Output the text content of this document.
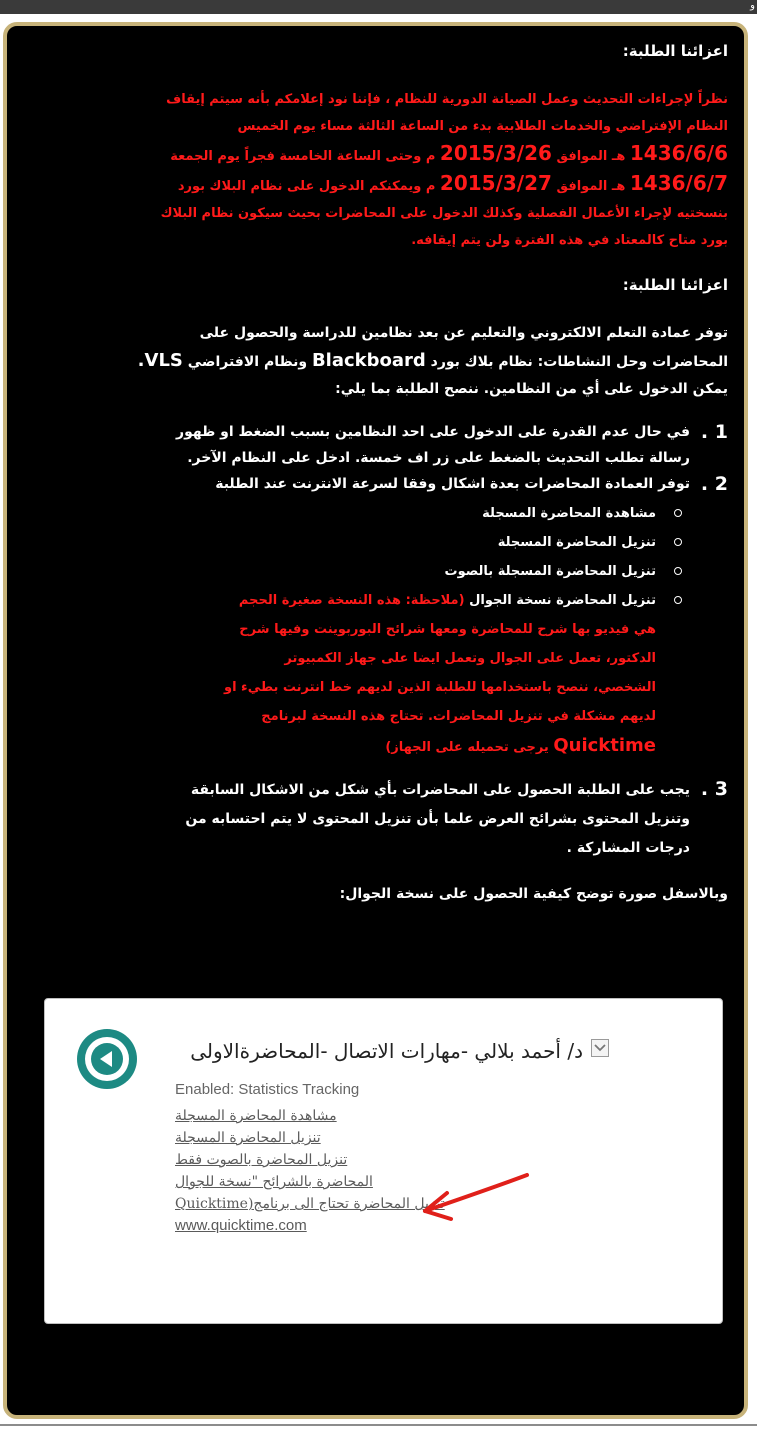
ﻭ
اعزائنا الطلبة:
نظراً لإجراءات التحديث وعمل الصيانة الدورية للنظام ، فإننا نود إعلامكم بأنه سيتم إيقاف
النظام الإفتراضي والخدمات الطلابية بدء من الساعة الثالثة مساء يوم الخميس
1436/6/6 هـ الموافق 2015/3/26 م وحتى الساعة الخامسة فجراً يوم الجمعة
1436/6/7 هـ الموافق 2015/3/27 م ويمكنكم الدخول على نظام البلاك بورد
بنسختيه لإجراء الأعمال الفصلية وكذلك الدخول على المحاضرات بحيث سيكون نظام البلاك
بورد متاح كالمعتاد في هذه الفترة ولن يتم إيقافه.
اعزائنا الطلبة:
توفر عمادة التعلم الالكتروني والتعليم عن بعد نظامين للدراسة والحصول على
المحاضرات وحل النشاطات: نظام بلاك بورد Blackboard ونظام الافتراضي VLS.
يمكن الدخول على أي من النظامين. ننصح الطلبة بما يلي:
1 .
في حال عدم القدرة على الدخول على احد النظامين بسبب الضغط او ظهور
رسالة تطلب التحديث بالضغط على زر اف خمسة. ادخل على النظام الآخر.
2 .
توفر العمادة المحاضرات بعدة اشكال وفقا لسرعة الانترنت عند الطلبة
مشاهدة المحاضرة المسجلة
تنزيل المحاضرة المسجلة
تنزيل المحاضرة المسجلة بالصوت
تنزيل المحاضرة نسخة الجوال (ملاحظة: هذه النسخة صغيرة الحجم
هي فيديو بها شرح للمحاضرة ومعها شرائح البوربوينت وفيها شرح
الدكتور، تعمل على الجوال وتعمل ايضا على جهاز الكمبيوتر
الشخصي، ننصح باستخدامها للطلبة الذين لديهم خط انترنت بطيء او
لديهم مشكلة في تنزيل المحاضرات. تحتاج هذه النسخة لبرنامج
Quicktime يرجى تحميله على الجهاز)
3 .
يجب على الطلبة الحصول على المحاضرات بأي شكل من الاشكال السابقة
وتنزيل المحتوى بشرائح العرض علما بأن تنزيل المحتوى لا يتم احتسابه من
درجات المشاركة .
وبالاسفل صورة توضح كيفية الحصول على نسخة الجوال:
د/ أحمد بلالي -مهارات الاتصال -المحاضرةالاولى
Enabled: Statistics Tracking
مشاهدة المحاضرة المسجلة
تنزيل المحاضرة المسجلة
تنزيل المحاضرة بالصوت فقط
المحاضرة بالشرائح "نسخة للجوال
تنزيل المحاضرة تحتاج الى برنامج(Quicktime
www.quicktime.com
